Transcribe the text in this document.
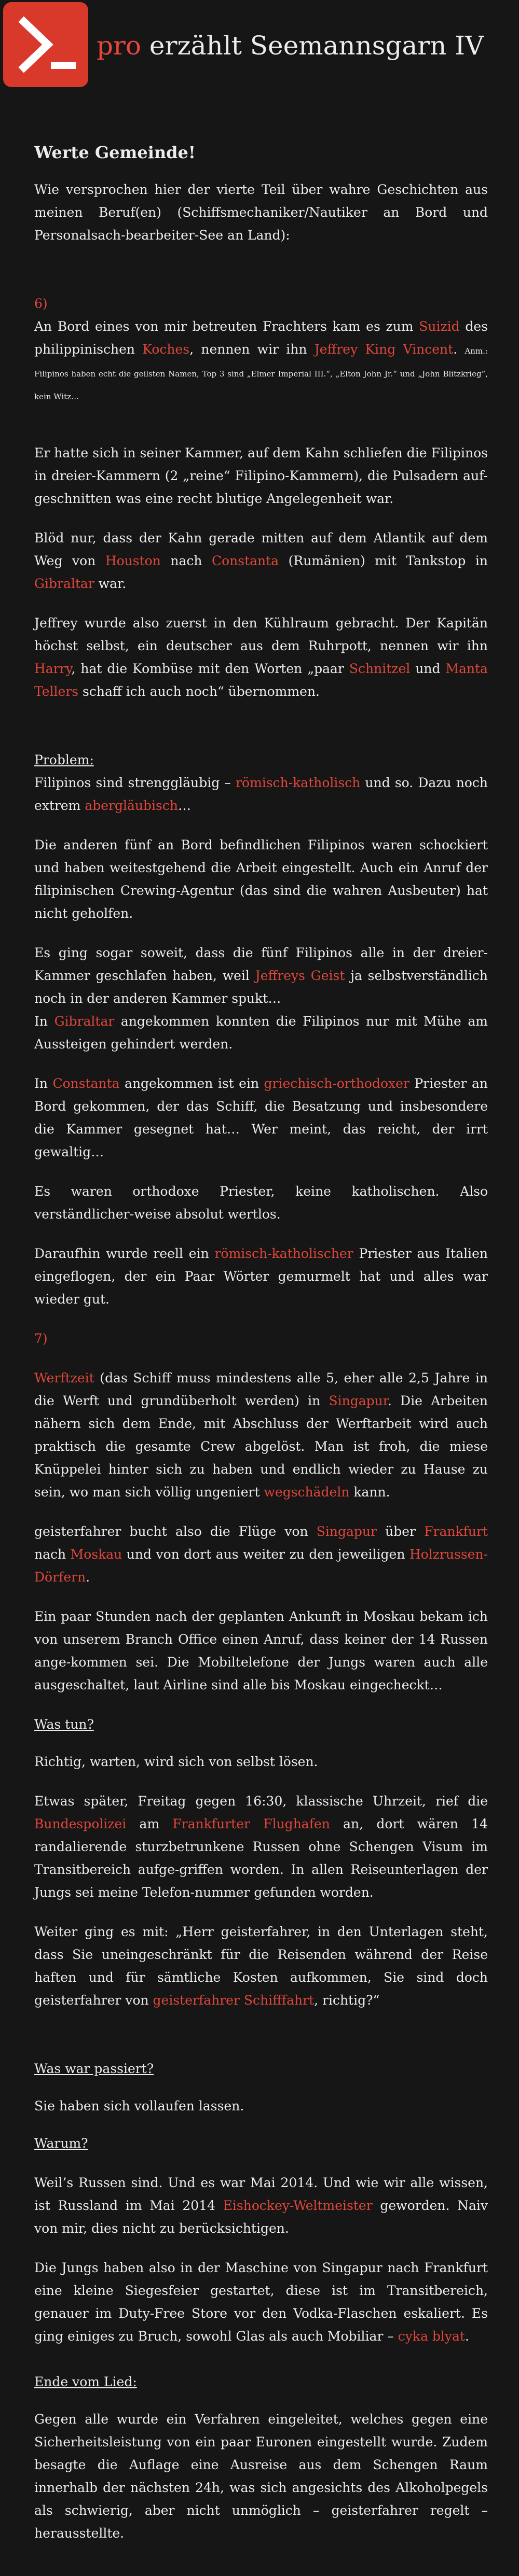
pro erzählt Seemannsgarn IV

Werte Gemeinde!

Wie versprochen hier der vierte Teil über wahre Geschichten aus meinen Beruf(en) (Schiffsmechaniker/Nautiker an Bord und Personalsach-bearbeiter-See an Land):

6)

An Bord eines von mir betreuten Frachters kam es zum Suizid des philippinischen Koches, nennen wir ihn Jeffrey King Vincent. Anm.: Filipinos haben echt die geilsten Namen, Top 3 sind „Elmer Imperial III.“, „Elton John Jr.“ und „John Blitzkrieg“, kein Witz…

Er hatte sich in seiner Kammer, auf dem Kahn schliefen die Filipinos in dreier-Kammern (2 „reine“ Filipino-Kammern), die Pulsadern auf-geschnitten was eine recht blutige Angelegenheit war.

Blöd nur, dass der Kahn gerade mitten auf dem Atlantik auf dem Weg von Houston nach Constanta (Rumänien) mit Tankstop in Gibraltar war.

Jeffrey wurde also zuerst in den Kühlraum gebracht. Der Kapitän höchst selbst, ein deutscher aus dem Ruhrpott, nennen wir ihn Harry, hat die Kombüse mit den Worten „paar Schnitzel und Manta Tellers schaff ich auch noch“ übernommen.

Problem:

Filipinos sind strenggläubig – römisch-katholisch und so. Dazu noch extrem abergläubisch…

Die anderen fünf an Bord befindlichen Filipinos waren schockiert und haben weitestgehend die Arbeit eingestellt. Auch ein Anruf der filipinischen Crewing-Agentur (das sind die wahren Ausbeuter) hat nicht geholfen.

Es ging sogar soweit, dass die fünf Filipinos alle in der dreier-Kammer geschlafen haben, weil Jeffreys Geist ja selbstverständlich noch in der anderen Kammer spukt…

In Gibraltar angekommen konnten die Filipinos nur mit Mühe am Aussteigen gehindert werden.

In Constanta angekommen ist ein griechisch-orthodoxer Priester an Bord gekommen, der das Schiff, die Besatzung und insbesondere die Kammer gesegnet hat… Wer meint, das reicht, der irrt gewaltig…

Es waren orthodoxe Priester, keine katholischen. Also verständlicher-weise absolut wertlos.

Daraufhin wurde reell ein römisch-katholischer Priester aus Italien eingeflogen, der ein Paar Wörter gemurmelt hat und alles war wieder gut.

7)

Werftzeit (das Schiff muss mindestens alle 5, eher alle 2,5 Jahre in die Werft und grundüberholt werden) in Singapur. Die Arbeiten nähern sich dem Ende, mit Abschluss der Werftarbeit wird auch praktisch die gesamte Crew abgelöst. Man ist froh, die miese Knüppelei hinter sich zu haben und endlich wieder zu Hause zu sein, wo man sich völlig ungeniert wegschädeln kann.

geisterfahrer bucht also die Flüge von Singapur über Frankfurt nach Moskau und von dort aus weiter zu den jeweiligen Holzrussen-Dörfern.

Ein paar Stunden nach der geplanten Ankunft in Moskau bekam ich von unserem Branch Office einen Anruf, dass keiner der 14 Russen ange-kommen sei. Die Mobiltelefone der Jungs waren auch alle ausgeschaltet, laut Airline sind alle bis Moskau eingecheckt…

Was tun?

Richtig, warten, wird sich von selbst lösen.

Etwas später, Freitag gegen 16:30, klassische Uhrzeit, rief die Bundespolizei am Frankfurter Flughafen an, dort wären 14 randalierende sturzbetrunkene Russen ohne Schengen Visum im Transitbereich aufge-griffen worden. In allen Reiseunterlagen der Jungs sei meine Telefon-nummer gefunden worden.

Weiter ging es mit: „Herr geisterfahrer, in den Unterlagen steht, dass Sie uneingeschränkt für die Reisenden während der Reise haften und für sämtliche Kosten aufkommen, Sie sind doch geisterfahrer von geisterfahrer Schifffahrt, richtig?“

Was war passiert?

Sie haben sich vollaufen lassen.

Warum?

Weil’s Russen sind. Und es war Mai 2014. Und wie wir alle wissen, ist Russland im Mai 2014 Eishockey-Weltmeister geworden. Naiv von mir, dies nicht zu berücksichtigen.

Die Jungs haben also in der Maschine von Singapur nach Frankfurt eine kleine Siegesfeier gestartet, diese ist im Transitbereich, genauer im Duty-Free Store vor den Vodka-Flaschen eskaliert. Es ging einiges zu Bruch, sowohl Glas als auch Mobiliar – cyka blyat.

Ende vom Lied:

Gegen alle wurde ein Verfahren eingeleitet, welches gegen eine Sicherheitsleistung von ein paar Euronen eingestellt wurde. Zudem besagte die Auflage eine Ausreise aus dem Schengen Raum innerhalb der nächsten 24h, was sich angesichts des Alkoholpegels als schwierig, aber nicht unmöglich – geisterfahrer regelt – herausstellte.
